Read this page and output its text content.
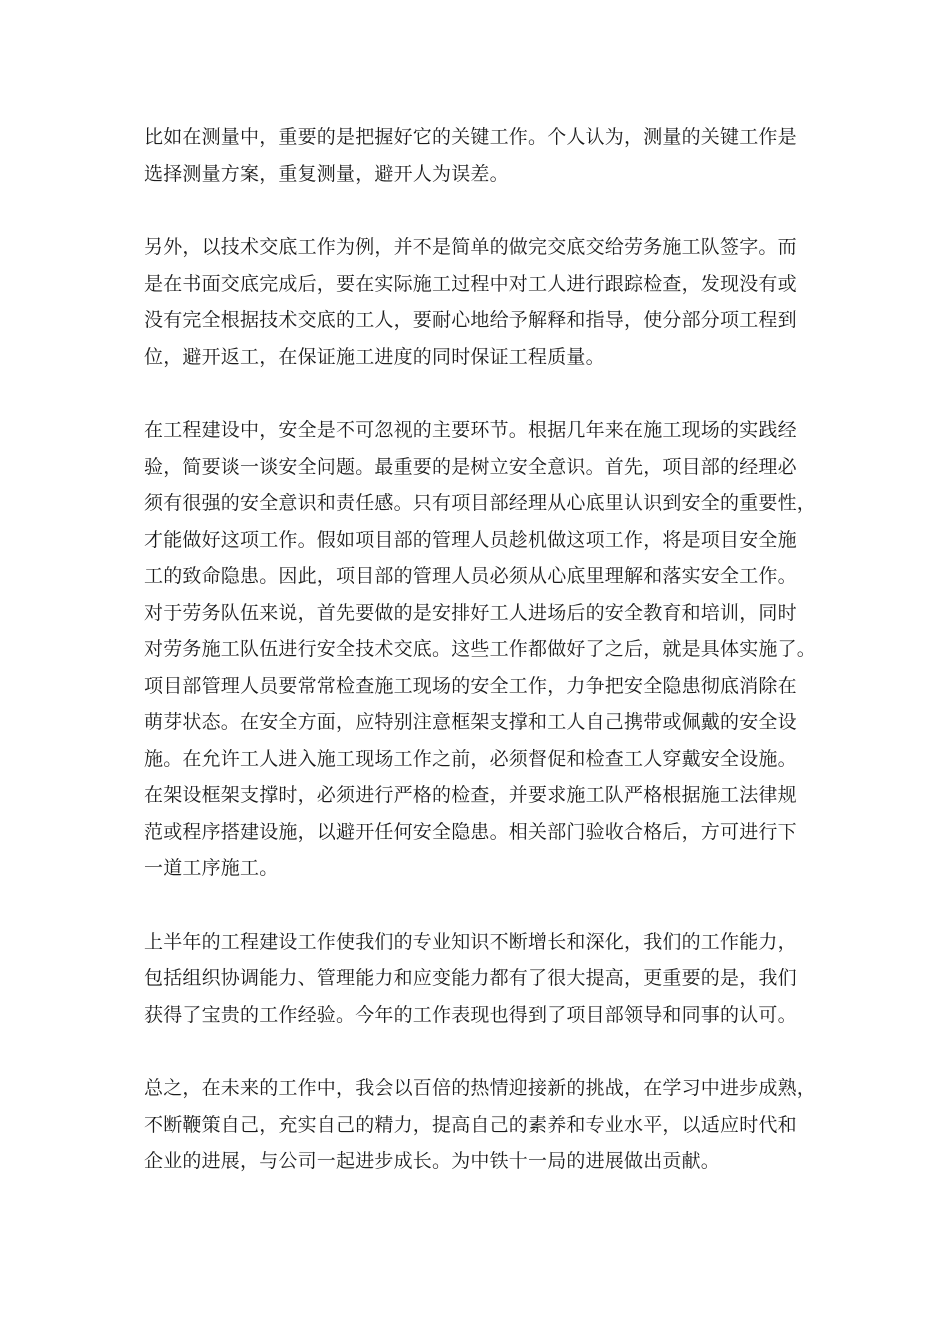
比如在测量中，重要的是把握好它的关键工作。个人认为，测量的关键工作是
选择测量方案，重复测量，避开人为误差。

另外，以技术交底工作为例，并不是简单的做完交底交给劳务施工队签字。而
是在书面交底完成后，要在实际施工过程中对工人进行跟踪检查，发现没有或
没有完全根据技术交底的工人，要耐心地给予解释和指导，使分部分项工程到
位，避开返工，在保证施工进度的同时保证工程质量。

在工程建设中，安全是不可忽视的主要环节。根据几年来在施工现场的实践经
验，简要谈一谈安全问题。最重要的是树立安全意识。首先，项目部的经理必
须有很强的安全意识和责任感。只有项目部经理从心底里认识到安全的重要性，
才能做好这项工作。假如项目部的管理人员趁机做这项工作，将是项目安全施
工的致命隐患。因此，项目部的管理人员必须从心底里理解和落实安全工作。
对于劳务队伍来说，首先要做的是安排好工人进场后的安全教育和培训，同时
对劳务施工队伍进行安全技术交底。这些工作都做好了之后，就是具体实施了。
项目部管理人员要常常检查施工现场的安全工作，力争把安全隐患彻底消除在
萌芽状态。在安全方面，应特别注意框架支撑和工人自己携带或佩戴的安全设
施。在允许工人进入施工现场工作之前，必须督促和检查工人穿戴安全设施。
在架设框架支撑时，必须进行严格的检查，并要求施工队严格根据施工法律规
范或程序搭建设施，以避开任何安全隐患。相关部门验收合格后，方可进行下
一道工序施工。

上半年的工程建设工作使我们的专业知识不断增长和深化，我们的工作能力，
包括组织协调能力、管理能力和应变能力都有了很大提高，更重要的是，我们
获得了宝贵的工作经验。今年的工作表现也得到了项目部领导和同事的认可。

总之，在未来的工作中，我会以百倍的热情迎接新的挑战，在学习中进步成熟，
不断鞭策自己，充实自己的精力，提高自己的素养和专业水平，以适应时代和
企业的进展，与公司一起进步成长。为中铁十一局的进展做出贡献。
